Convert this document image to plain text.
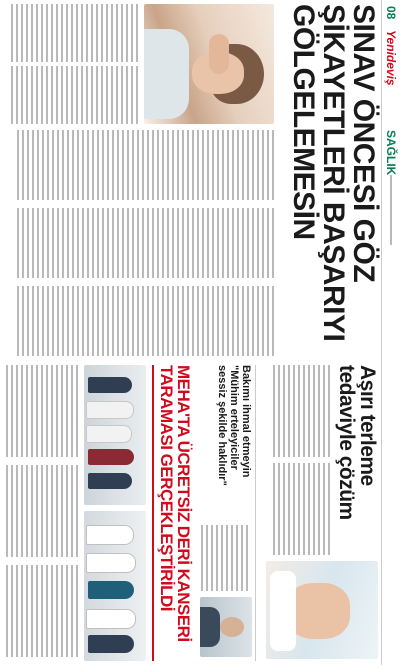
08
Yenideviş
SAĞLIK

SINAV ÖNCESİ GÖZ

ŞİKAYETLERİ BAŞARIYI

GÖLGELEMESİN

Aşırı terleme

tedaviyle çözüm

Bakımı ihmal etmeyin

"Mühim erteleyiciler

sessiz şekilde haklıdır"

MEHA'TA ÜCRETSİZ DERİ KANSERİ

TARAMASI GERÇEKLEŞTİRİLDİ
